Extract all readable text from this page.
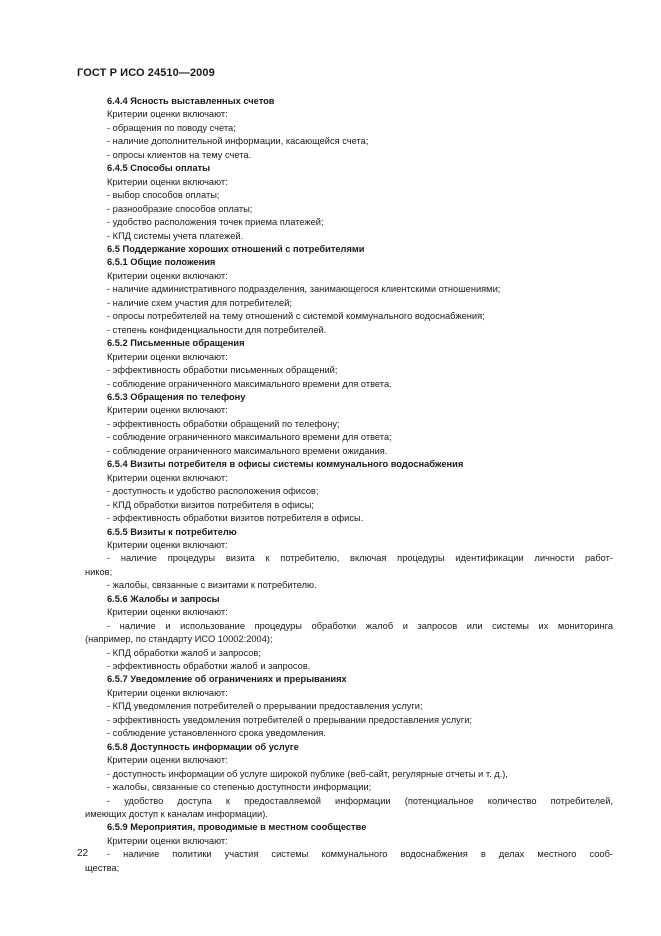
ГОСТ Р ИСО 24510—2009
6.4.4 Ясность выставленных счетов
Критерии оценки включают:
- обращения по поводу счета;
- наличие дополнительной информации, касающейся счета;
- опросы клиентов на тему счета.
6.4.5 Способы оплаты
Критерии оценки включают:
- выбор способов оплаты;
- разнообразие способов оплаты;
- удобство расположения точек приема платежей;
- КПД системы учета платежей.
6.5 Поддержание хороших отношений с потребителями
6.5.1 Общие положения
Критерии оценки включают:
- наличие административного подразделения, занимающегося клиентскими отношениями;
- наличие схем участия для потребителей;
- опросы потребителей на тему отношений с системой коммунального водоснабжения;
- степень конфиденциальности для потребителей.
6.5.2 Письменные обращения
Критерии оценки включают:
- эффективность обработки письменных обращений;
- соблюдение ограниченного максимального времени для ответа.
6.5.3 Обращения по телефону
Критерии оценки включают:
- эффективность обработки обращений по телефону;
- соблюдение ограниченного максимального времени для ответа;
- соблюдение ограниченного максимального времени ожидания.
6.5.4 Визиты потребителя в офисы системы коммунального водоснабжения
Критерии оценки включают:
- доступность и удобство расположения офисов;
- КПД обработки визитов потребителя в офисы;
- эффективность обработки визитов потребителя в офисы.
6.5.5 Визиты к потребителю
Критерии оценки включают:
- наличие процедуры визита к потребителю, включая процедуры идентификации личности работ-
ников;
- жалобы, связанные с визитами к потребителю.
6.5.6 Жалобы и запросы
Критерии оценки включают:
- наличие и использование процедуры обработки жалоб и запросов или системы их мониторинга
(например, по стандарту ИСО 10002:2004);
- КПД обработки жалоб и запросов;
- эффективность обработки жалоб и запросов.
6.5.7 Уведомление об ограничениях и прерываниях
Критерии оценки включают:
- КПД уведомления потребителей о прерывании предоставления услуги;
- эффективность уведомления потребителей о прерывании предоставления услуги;
- соблюдение установленного срока уведомления.
6.5.8 Доступность информации об услуге
Критерии оценки включают:
- доступность информации об услуге широкой публике (веб-сайт, регулярные отчеты и т. д.),
- жалобы, связанные со степенью доступности информации;
- удобство доступа к предоставляемой информации (потенциальное количество потребителей,
имеющих доступ к каналам информации).
6.5.9 Мероприятия, проводимые в местном сообществе
Критерии оценки включают:
- наличие политики участия системы коммунального водоснабжения в делах местного сооб-
щества;
22
